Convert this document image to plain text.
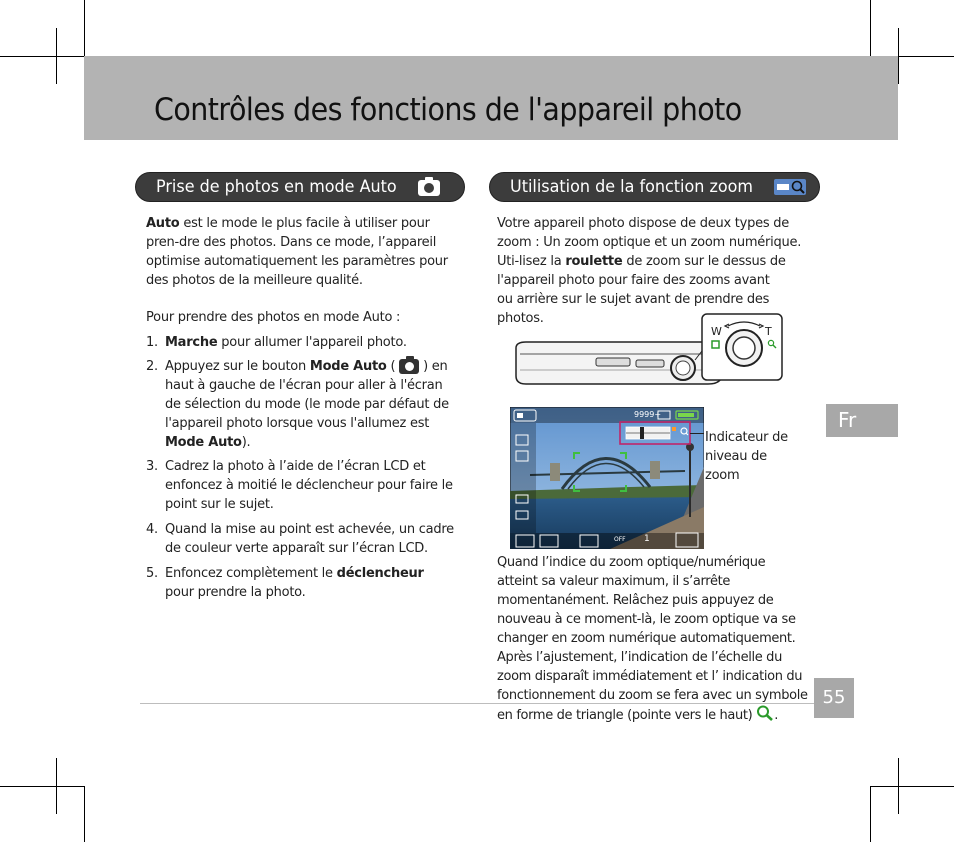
Contrôles des fonctions de l'appareil photo
Prise de photos en mode Auto
Auto est le mode le plus facile à utiliser pour pren-dre des photos. Dans ce mode, l’appareil optimise automatiquement les paramètres pour des photos de la meilleure qualité.
Pour prendre des photos en mode Auto :
1. Marche pour allumer l'appareil photo.
2. Appuyez sur le bouton Mode Auto (  ) en haut à gauche de l'écran pour aller à l'écran de sélection du mode (le mode par défaut de l'appareil photo lorsque vous l'allumez est Mode Auto).
3. Cadrez la photo à l’aide de l’écran LCD et enfoncez à moitié le déclencheur pour faire le point sur le sujet.
4. Quand la mise au point est achevée, un cadre de couleur verte apparaît sur l’écran LCD.
5. Enfoncez complètement le déclencheur pour prendre la photo.
Utilisation de la fonction zoom
Votre appareil photo dispose de deux types de zoom : Un zoom optique et un zoom numérique. Uti-lisez la roulette de zoom sur le dessus de l'appareil photo pour faire des zooms avant
ou arrière sur le sujet avant de prendre des photos.
W	T
9999+
1
OFF
Indicateur de niveau de zoom
Quand l’indice du zoom optique/numérique atteint sa valeur maximum, il s’arrête momentanément. Relâchez puis appuyez de nouveau à ce moment-là, le zoom optique va se changer en zoom numérique automatiquement. Après l’ajustement, l’indication de l’échelle du zoom disparaît immédiatement et l’ indication du fonctionnement du zoom se fera avec un symbole en forme de triangle (pointe vers le haut) .
Fr
55
